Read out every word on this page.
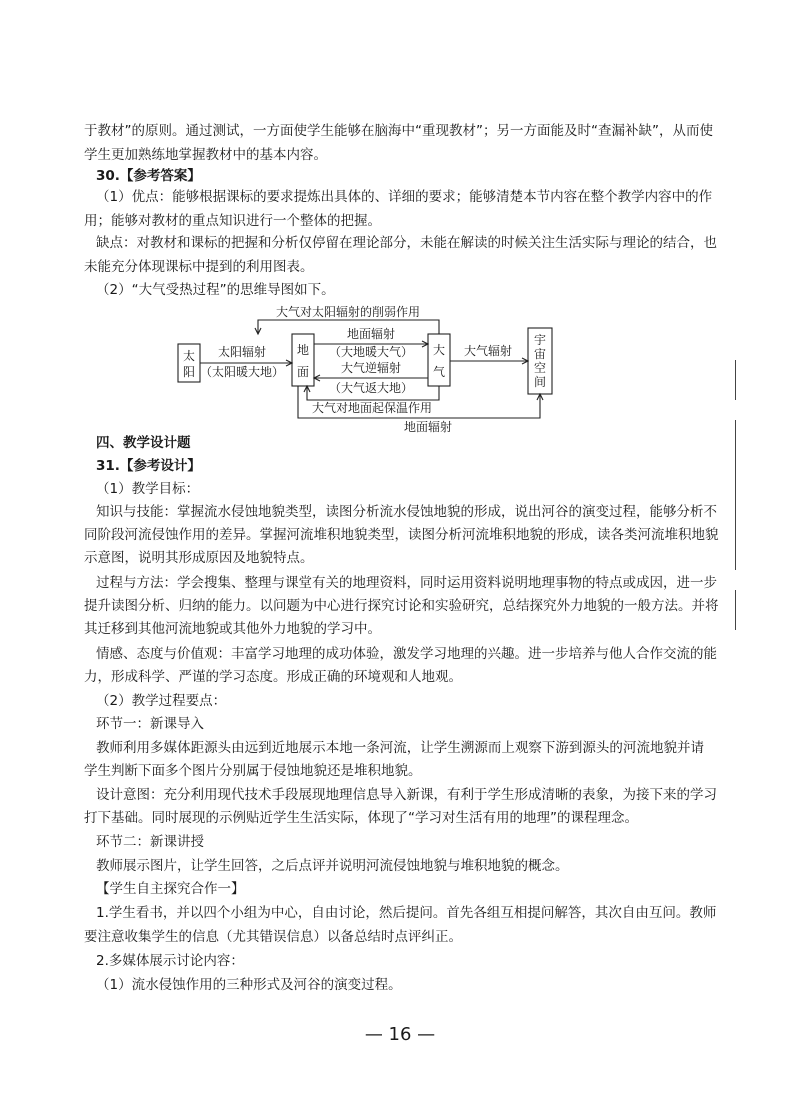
于教材”的原则。通过测试，一方面使学生能够在脑海中“重现教材”；另一方面能及时“查漏补缺”，从而使
学生更加熟练地掌握教材中的基本内容。
30.【参考答案】
（1）优点：能够根据课标的要求提炼出具体的、详细的要求；能够清楚本节内容在整个教学内容中的作
用；能够对教材的重点知识进行一个整体的把握。
缺点：对教材和课标的把握和分析仅停留在理论部分，未能在解读的时候关注生活实际与理论的结合，也
未能充分体现课标中提到的利用图表。
（2）“大气受热过程”的思维导图如下。
太
阳
地
面
大
气
宇
宙
空
间
太阳辐射
（太阳暖大地）
大气对太阳辐射的削弱作用
地面辐射
（大地暖大气）
大气逆辐射
（大气返大地）
大气对地面起保温作用
大气辐射
地面辐射
四、教学设计题
31.【参考设计】
（1）教学目标：
知识与技能：掌握流水侵蚀地貌类型，读图分析流水侵蚀地貌的形成，说出河谷的演变过程，能够分析不
同阶段河流侵蚀作用的差异。掌握河流堆积地貌类型，读图分析河流堆积地貌的形成，读各类河流堆积地貌
示意图，说明其形成原因及地貌特点。
过程与方法：学会搜集、整理与课堂有关的地理资料，同时运用资料说明地理事物的特点或成因，进一步
提升读图分析、归纳的能力。以问题为中心进行探究讨论和实验研究，总结探究外力地貌的一般方法。并将
其迁移到其他河流地貌或其他外力地貌的学习中。
情感、态度与价值观：丰富学习地理的成功体验，激发学习地理的兴趣。进一步培养与他人合作交流的能
力，形成科学、严谨的学习态度。形成正确的环境观和人地观。
（2）教学过程要点：
环节一：新课导入
教师利用多媒体距源头由远到近地展示本地一条河流，让学生溯源而上观察下游到源头的河流地貌并请
学生判断下面多个图片分别属于侵蚀地貌还是堆积地貌。
设计意图：充分利用现代技术手段展现地理信息导入新课，有利于学生形成清晰的表象，为接下来的学习
打下基础。同时展现的示例贴近学生生活实际，体现了“学习对生活有用的地理”的课程理念。
环节二：新课讲授
教师展示图片，让学生回答，之后点评并说明河流侵蚀地貌与堆积地貌的概念。
【学生自主探究合作一】
1.学生看书，并以四个小组为中心，自由讨论，然后提问。首先各组互相提问解答，其次自由互问。教师
要注意收集学生的信息（尤其错误信息）以备总结时点评纠正。
2.多媒体展示讨论内容：
（1）流水侵蚀作用的三种形式及河谷的演变过程。
— 16 —
